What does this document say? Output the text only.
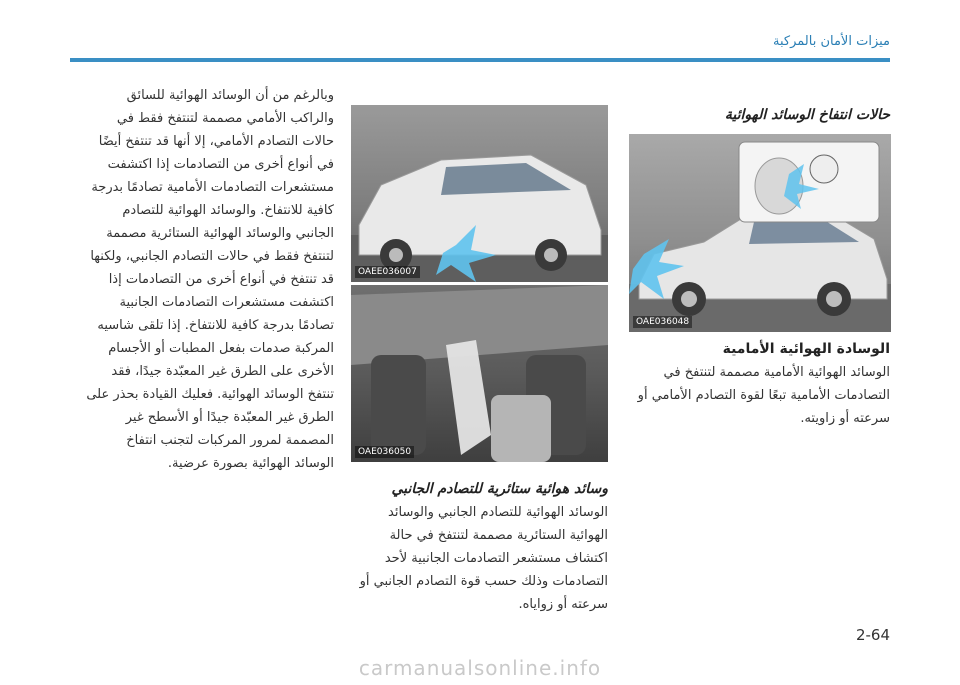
ميزات الأمان بالمركبة

حالات انتفاخ الوسائد الهوائية

OAE036048

الوسادة الهوائية الأمامية

الوسائد الهوائية الأمامية مصممة لتنتفخ في التصادمات الأمامية تبعًا لقوة التصادم الأمامي أو سرعته أو زاويته.

OAEE036007
OAE036050

وسائد هوائية ستائرية للتصادم الجانبي

الوسائد الهوائية للتصادم الجانبي والوسائد الهوائية الستائرية مصممة لتنتفخ في حالة اكتشاف مستشعر التصادمات الجانبية لأحد التصادمات وذلك حسب قوة التصادم الجانبي أو سرعته أو زواياه.

وبالرغم من أن الوسائد الهوائية للسائق والراكب الأمامي مصممة لتنتفخ فقط في حالات التصادم الأمامي، إلا أنها قد تنتفخ أيضًا في أنواع أخرى من التصادمات إذا اكتشفت مستشعرات التصادمات الأمامية تصادمًا بدرجة كافية للانتفاخ. والوسائد الهوائية للتصادم الجانبي والوسائد الهوائية الستائرية مصممة لتنتفخ فقط في حالات التصادم الجانبي، ولكنها قد تنتفخ في أنواع أخرى من التصادمات إذا اكتشفت مستشعرات التصادمات الجانبية تصادمًا بدرجة كافية للانتفاخ. إذا تلقى شاسيه المركبة صدمات بفعل المطبات أو الأجسام الأخرى على الطرق غير المعبّدة جيدًا، فقد تنتفخ الوسائد الهوائية. فعليك القيادة بحذر على الطرق غير المعبّدة جيدًا أو الأسطح غير المصممة لمرور المركبات لتجنب انتفاخ الوسائد الهوائية بصورة عرضية.

2-64
carmanualsonline.info
